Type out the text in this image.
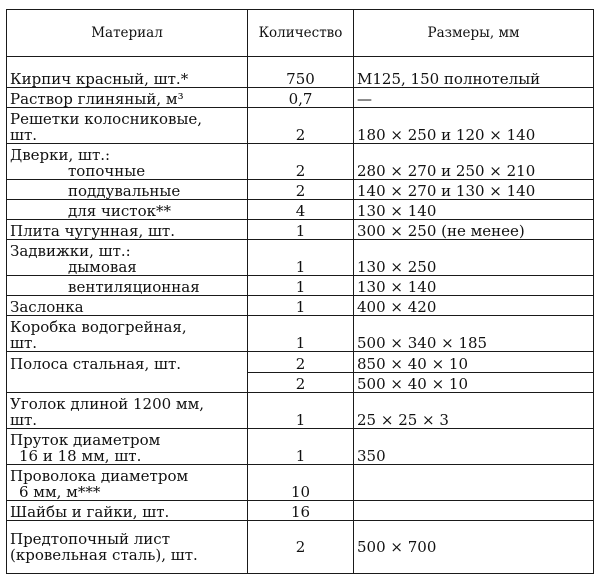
Материал	Количество	Размеры, мм

Кирпич красный, шт.*	750	М125, 150 полнотелый

Раствор глиняный, м³	0,7	—

Решетки колосниковые,
шт.	2	180 × 250 и 120 × 140

Дверки, шт.:
топочные	2	280 × 270 и 250 × 210

поддувальные	2	140 × 270 и 130 × 140

для чисток**	4	130 × 140

Плита чугунная, шт.	1	300 × 250 (не менее)

Задвижки, шт.:
дымовая	1	130 × 250

вентиляционная	1	130 × 140

Заслонка	1	400 × 420

Коробка водогрейная,
шт.	1	500 × 340 × 185

Полоса стальная, шт.	2	850 × 40 × 10

	2	500 × 40 × 10

Уголок длиной 1200 мм,
шт.	1	25 × 25 × 3

Пруток диаметром
16 и 18 мм, шт.	1	350

Проволока диаметром
6 мм, м***	10	

Шайбы и гайки, шт.	16	

Предтопочный лист
(кровельная сталь), шт.	2	500 × 700
